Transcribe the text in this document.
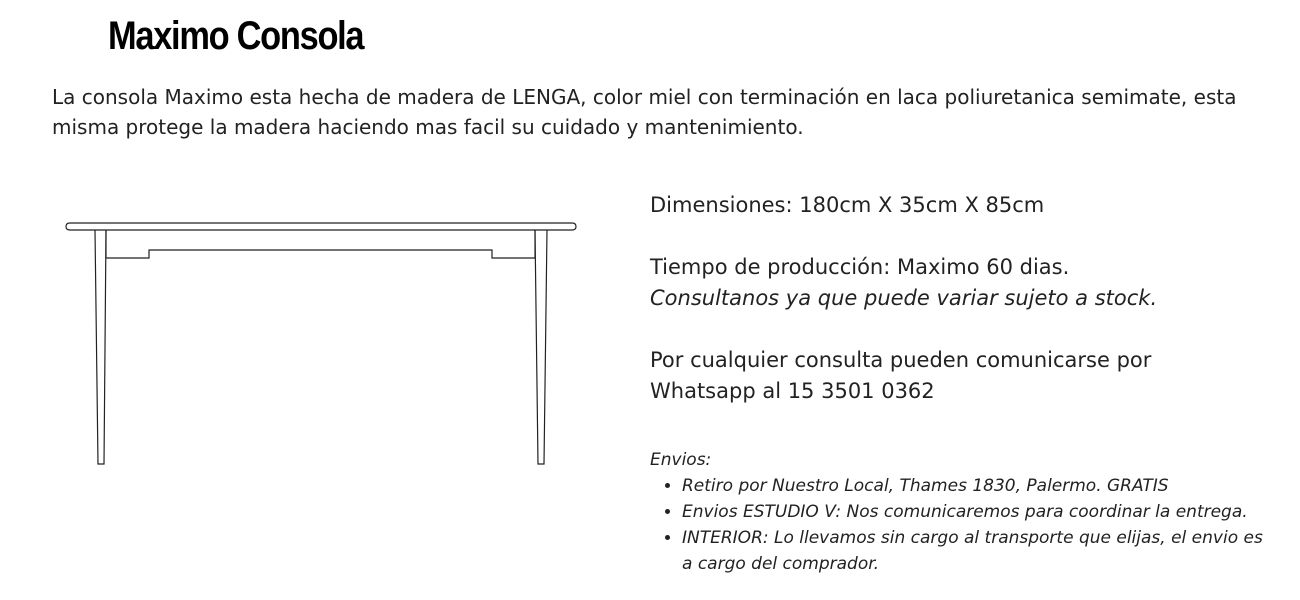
Maximo Consola

La consola Maximo esta hecha de madera de LENGA, color miel con terminación en laca poliuretanica semimate, esta misma protege la madera haciendo mas facil su cuidado y mantenimiento.

Dimensiones: 180cm X 35cm X 85cm

Tiempo de producción: Maximo 60 dias.

Consultanos ya que puede variar sujeto a stock.

Por cualquier consulta pueden comunicarse por

Whatsapp al 15 3501 0362

Envios:
• Retiro por Nuestro Local, Thames 1830, Palermo. GRATIS
• Envios ESTUDIO V: Nos comunicaremos para coordinar la entrega.
• INTERIOR: Lo llevamos sin cargo al transporte que elijas, el envio es a cargo del comprador.
